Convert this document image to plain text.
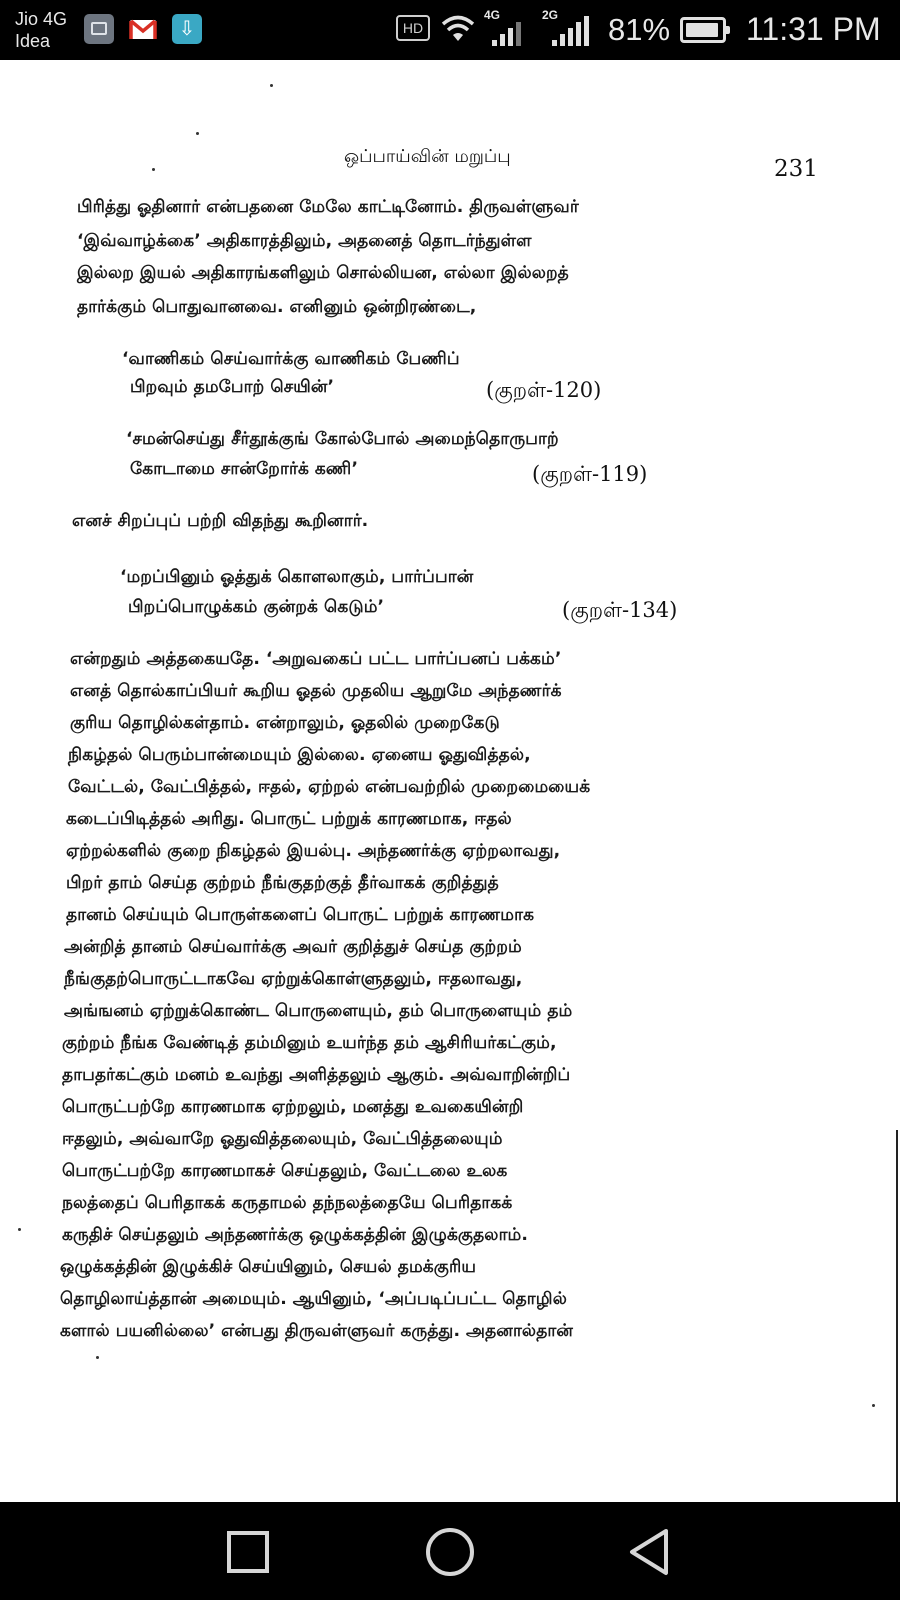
Jio 4G
Idea
⇩
HD
4G	2G 81% 11:31 PM
ஒப்பாய்வின் மறுப்பு	231
பிரித்து ஓதினார் என்பதனை மேலே காட்டினோம். திருவள்ளுவர்
‘இவ்வாழ்க்கை’ அதிகாரத்திலும், அதனைத் தொடர்ந்துள்ள
இல்லற இயல் அதிகாரங்களிலும் சொல்லியன, எல்லா இல்லறத்
தார்க்கும் பொதுவானவை. எனினும் ஒன்றிரண்டை,
‘வாணிகம் செய்வார்க்கு வாணிகம் பேணிப்
பிறவும் தமபோற் செயின்’	(குறள்-120)
‘சமன்செய்து சீர்தூக்குங் கோல்போல் அமைந்தொருபாற்
கோடாமை சான்றோர்க் கணி’	(குறள்-119)
எனச் சிறப்புப் பற்றி விதந்து கூறினார்.
‘மறப்பினும் ஓத்துக் கொளலாகும், பார்ப்பான்
பிறப்பொழுக்கம் குன்றக் கெடும்’	(குறள்-134)
என்றதும் அத்தகையதே. ‘அறுவகைப் பட்ட பார்ப்பனப் பக்கம்’
எனத் தொல்காப்பியர் கூறிய ஓதல் முதலிய ஆறுமே அந்தணர்க்
குரிய தொழில்கள்தாம். என்றாலும், ஓதலில் முறைகேடு
நிகழ்தல் பெரும்பான்மையும் இல்லை. ஏனைய ஓதுவித்தல்,
வேட்டல், வேட்பித்தல், ஈதல், ஏற்றல் என்பவற்றில் முறைமையைக்
கடைப்பிடித்தல் அரிது. பொருட் பற்றுக் காரணமாக, ஈதல்
ஏற்றல்களில் குறை நிகழ்தல் இயல்பு. அந்தணர்க்கு ஏற்றலாவது,
பிறர் தாம் செய்த குற்றம் நீங்குதற்குத் தீர்வாகக் குறித்துத்
தானம் செய்யும் பொருள்களைப் பொருட் பற்றுக் காரணமாக
அன்றித் தானம் செய்வார்க்கு அவர் குறித்துச் செய்த குற்றம்
நீங்குதற்பொருட்டாகவே ஏற்றுக்கொள்ளுதலும், ஈதலாவது,
அங்ஙனம் ஏற்றுக்கொண்ட பொருளையும், தம் பொருளையும் தம்
குற்றம் நீங்க வேண்டித் தம்மினும் உயர்ந்த தம் ஆசிரியர்கட்கும்,
தாபதர்கட்கும் மனம் உவந்து அளித்தலும் ஆகும். அவ்வாறின்றிப்
பொருட்பற்றே காரணமாக ஏற்றலும், மனத்து உவகையின்றி
ஈதலும், அவ்வாறே ஓதுவித்தலையும், வேட்பித்தலையும்
பொருட்பற்றே காரணமாகச் செய்தலும், வேட்டலை உலக
நலத்தைப் பெரிதாகக் கருதாமல் தந்நலத்தையே பெரிதாகக்
கருதிச் செய்தலும் அந்தணர்க்கு ஒழுக்கத்தின் இழுக்குதலாம்.
ஒழுக்கத்தின் இழுக்கிச் செய்யினும், செயல் தமக்குரிய
தொழிலாய்த்தான் அமையும். ஆயினும், ‘அப்படிப்பட்ட தொழில்
களால் பயனில்லை’ என்பது திருவள்ளுவர் கருத்து. அதனால்தான்
